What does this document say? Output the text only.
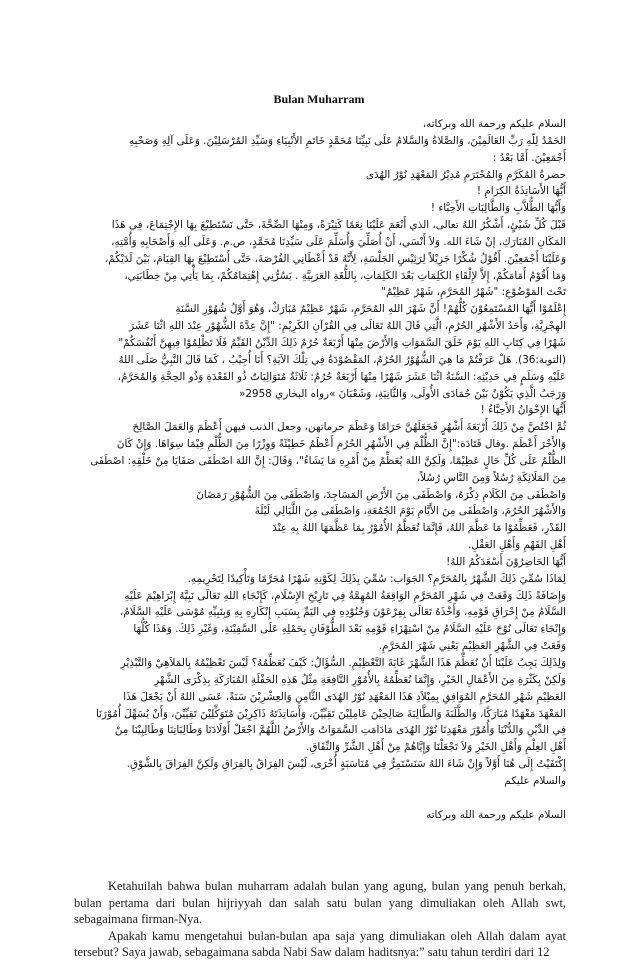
Bulan Muharram

السلام عليكم ورحمة الله وبركاته،

الحَمْدُ لِلّهِ رَبِّ العَالَمِيْنَ، وَالصَّلاةُ وَالسَّلامُ عَلَى نَبِيِّنَا مُحَمَّدٍ خَاتَمِ الأَنْبِيَاءِ وَسَيِّدِ المُرْسَلِيْنَ. وَعَلَى آلِهِ وَصَحْبِهِ

أَجْمَعِيْنَ. أَمَّا بَعْدُ :

حضرةُ المُكَرَّمِ وَالمُحْتَرَمِ مُدِيْرُ المَعْهَدِ نُوْرُ الهُدَى

أَيُّهَا الأَسَاتِذَةُ الكِرَامِ !

وَأَيُّهَا الطُّلاَّبِ وَالطَّالِبَاتِ الأَحِبَّاء !

قَبْلَ كُلِّ شَيْئٍ، أَشْكُرُ اللهُ تعالى، الذي أَنْعَمَ عَلَيْنَا نِعَمًا كَثِيْرَةً، وَمِنْهَا الصِّحَّةَ، حَتَّى نَسْتَطِيْعَ بِهَا الإِجْتِمَاعَ، فِي هَذَا

المَكَانِ المُبَارَكِ، إنْ شَاءَ الله. وَلاَ أَنْسَي، أَنْ أُصَلِّيَ وَأُسَلِّمَ عَلَى سَيِّدِنَا مُحَمَّدٍ، ص.م. وَعَلَى آلِهِ وَأَصْحَابِهِ وَأُمَّتِهِ،

وَعَلَيْنَا أَجْمَعِيْنَ. أَقُوْلُ شُكْرًا جَزِيْلاً لِرَئِيْسِ الجَلْسَةِ، لِأَنَّهُ قَدْ أَعْطَانِي الفُرْصَةَ، حَتَّى أَسْتَطِيْعَ بِهَا القِيَامَ، بَيْنَ لَدَيْكُمْ،

وَمَا أَقُوْمُ أَمَامَكُمْ، إِلاَّ لإِلْقَاءِ الكَلِمَاتِ بَعْدَ الكَلِمَاتِ، بِاللُّغَةِ العَرَبِيَّةِ . يَسُرُّنِي إِهْتِمَامُكُمْ، بِمَا يَأْتِي مِنْ خِطَابَتِي،

تَحْتَ المَوْضُوْعِ: "شَهْرُ المُحَرَّمِ، شَهْرٌ عَظِيْمٌ"

إِعْلَمُوْا أَيُّهَا المُسْتَمِعُوْنَ كُلُّهُمْ! أَنَّ شَهْرَ اللهِ المُحَرَّمِ، شَهْرٌ عَظِيْمٌ مُبَارَكٌ، وَهُوَ أَوَّلُ شُهُوْرِ السَّنَةِ

الهِجْرِيَّةِ، وَأَحَدُ الأَشْهُرِ الحُرُمِ، الَّتِي قَالَ اللهُ تَعَالَى فِي القُرْآنِ الكَرِيْمِ: "إِنَّ عِدَّةَ الشُّهُوْرِ عِنْدَ اللهِ اثْنَا عَشَرَ

شَهْرًا فِي كِتَابِ اللهِ يَوْمَ خَلَقَ السَّمَوَاتِ وَالأَرْضَ مِنْهَا أَرْبَعَةٌ حُرُمٌ ذَلِكَ الدِّيْنُ القَيِّمُ فَلَا تَظْلِمُوْا فِيهِنَّ أَنْفُسَكُمْ"

(التوبة:36). هَلْ عَرَفْتُمْ مَا هِيَ الشُّهُوْرُ الحُرُمُ، المَقْصُوْدَةُ فِي تِلْكَ الآيَةِ؟ أَنَا أُجِيْبُ ، كَمَا قَالَ النَّبِيُّ صَلَى اللهُ

عَلَيْهِ وَسَلَمٍ فِي حَدِيْثِهِ: السَّنَةُ اثْنَا عَشَرَ شَهْرًا مِنْهَا أَرْبَعَةٌ حُرُمٌ: ثَلَاثَةٌ مُتَوَالِيَاتٌ ذُو القَعْدَةِ وَذُو الحِجَّةِ وَالمُحَرَّمُ،

وَرَجَبُ الَّذِي يَكُوْنُ بَيْنَ جُمَادَى الأُولَى، وَالثَّانِيَةِ، وَشَعْبَانَ »رواه البخاري 2958«

أَيُّهَا الإِخْوَانُ الأَحِبَّاءُ !

ثُمَّ اخْتُصَّ مِنْ ذَلِكَ أَرْبَعَةَ أَشْهُرٍ فَجَعَلَهُنَّ حَرَامًا وَعَظَمَ حرماتهن، وجعل الذنب فيهن أَعْظَمَ وَالعَمَلَ الصَّالِحَ

وَالأَجْرَ أَعْظَمَ .وقال قَتَادَة:"إِنَّ الظُّلْمَ فِي الأَشْهُرِ الحُرُمِ أَعْظَمُ خَطِيْئَةً وَوِزْرًا مِنَ الظُّلْمِ فِيْمَا سِوَاهَا. وَإِنْ كَانَ

الظُّلْمُ عَلَى كُلِّ حَالٍ عَظِيْمًا، وَلَكِنَّ اللهَ يُعَظِّمُ مِنْ أَمْرِهِ مَا يَشَاءُ"، وَقَالَ: إِنَّ اللهَ اصْطَفَى صَفَايَا مِنْ خَلْقِهِ: اصْطَفَى

مِنَ المَلَائِكَةِ رُسُلاً وَمِنَ النَّاسِ رُسُلاً،

وَاصْطَفَى مِنَ الكَلَامِ ذِكْرَهُ، وَاصْطَفَى مِنَ الأَرْضِ المَسَاجِدَ، وَاصْطَفَى مِنَ الشُّهُوْرِ رَمَضَانَ

وَالأَشْهُرَ الحُرُمَ، وَاصْطَفَى مِنَ الأَيَّامِ يَوْمَ الجُمُعَةِ، وَاصْطَفَى مِنَ اللَّيَالِي لَيْلَةَ

القَدْرِ، فَعَظِّمُوْا مَا عَظَّمَ اللهُ، فَإِنَّمَا تُعَظَّمُ الأُمُوْرُ بِمَا عَظَّمَهَا اللهُ بِهِ عِنْدَ

أَهْلِ الفَهْمِ وَأَهْلِ العَقْلِ.

أَيُّهَا الحَاضِرُوْنَ أَسْعَدَكُمُ اللهُ!

لِمَاذَا سُمِّيَ ذَلِكَ الشَّهْرُ بِالمُحَرَّمِ؟ الجَوَاب: سُمِّيَ بِذَلِكَ لِكَوْنِهِ شَهْرًا مُحَرَّمًا وَتَأْكِيدًا لِتَحْرِيمِهِ.

وَإِضَافَةً ذَلِكَ وَقَعَتْ فِي شَهْرِ المُحَرَّمِ الوَاقِعَةُ المُهِمَّةُ فِي تَارِيْخِ الإِسْلَامِ، كَإِنْجَاءِ اللهِ تَعَالَى نَبِيَّهُ إِبْرَاهِيْمَ عَلَيْهِ

السَّلَامُ مِنْ إِحْرَاقِ قَوْمِهِ، وَأَخْذَهُ تَعَالَى بِفِرْعَوْنَ وَجُنُوْدِهِ فِي اليَمِّ بِسَبَبِ إِنْكَارِهِ بِهِ وَبِنَبِيِّهِ مُوْسَى عَلَيْهِ السَّلَامُ،

وَإِنْجَاءِ تَعَالَى نُوْحَ عَلَيْهِ السَّلَامُ مِنْ اسْتِهْزَاءِ قَوْمِهِ بَعْدَ الطُّوْفَانِ بِحَمْلِهِ عَلَى السَّفِيْنَةِ، وَغَيْرِ ذَلِكَ. وَهَذَا كُلُّهَا

وَقَعَتْ فِي الشَّهْرِ العَظِيْمِ يَعْنِي شَهْرَ المُحَرَّمِ.

وَلِذَلِكَ يَجِبُ عَلَيْنَا أَنْ نُعَظِّمَ هَذَا الشَّهْرَ غَايَةَ التَّعْظِيْمِ. السُّؤَالُ: كَيْفَ نُعَظِّمُهُ؟ لَيْسَ تَعْظِيْمُهُ بِالمَلاَهِيْ وَالتَّبْذِيْرِ

وَلَكِنْ بِكَثْرَةِ مِنَ الأَعْمَالِ الخَيْرِ، وَإِنَّمَا نُعَظِّمُهُ بِالأُمُوْرِ النَّافِعَةِ مِثْلُ هَذِهِ الحَفْلَةِ المُبَارَكَةِ بِذِكْرَى الشَّهْرِ

العَظِيْمِ شَهْرِ المُحَرَّمِ المُوَافِقِ بِمِيْلاَدِ هَذَا المَعْهَدِ نُوْرُ الهُدَى الثَّامِنِ وَالعِشْرِيْنَ سَنَةً، عَسَى اللهُ أَنْ يَجْعَلَ هَذَا

المَعْهَدَ مَعْهَدًا مُبَارَكًا، وَالطَّلَبَةَ وَالطَّالِبَةَ صَالِحِيْنَ عَامِلِيْنَ تَقِيِّيْنَ، وَأَسَاتِذَتَهُ ذَاكِرِيْنَ مُتَوَكِّلِيْنَ تَقِيِّيْنَ، وَأَنْ يُسَهِّلَ أُمُوْرَنَا

فِي الدِّيْنِ وَالدُّنْيَا وَأُمُوْرَ مَعْهَدِنَا نُوْرُ الهُدَى مَادَامَتِ السَّمَوَاتُ وَالأَرْضُ اللَّهُمَّ اجْعَلْ أَوْلَادَنَا وَطَالِبَاتِنَا وَطَالِبِيْنَا مِنْ

أَهْلِ العِلْمِ وَأَهْلِ الخَيْرِ وَلاَ تَجْعَلْنَا وَإِيَّاهُمْ مِنْ أَهْلِ الشَّرِّ وَالنِّفَاقِ.

إِكْتَفَيْتُ إِلَى هُنَا أَوَّلاً وَإِنْ شَاءَ اللهُ سَنَسْتَمِرُّ فِي مُنَاسَبَةٍ أُخْرَى، لَيْسَ الفِرَاقُ بِالفِرَاقِ وَلَكِنَّ الفِرَاقَ بِالشَّوْقِ.

والسلام عليكم

السلام عليكم ورحمة الله وبركاته

Ketahuilah bahwa bulan muharram adalah bulan yang agung, bulan yang penuh berkah, bulan pertama dari bulan hijriyyah dan salah satu bulan yang dimuliakan oleh Allah swt, sebagaimana firman-Nya.

Apakah kamu mengetahui bulan-bulan apa saja yang dimuliakan oleh Allah dalam ayat tersebut? Saya jawab, sebagaimana sabda Nabi Saw dalam haditsnya:” satu tahun terdiri dari 12
